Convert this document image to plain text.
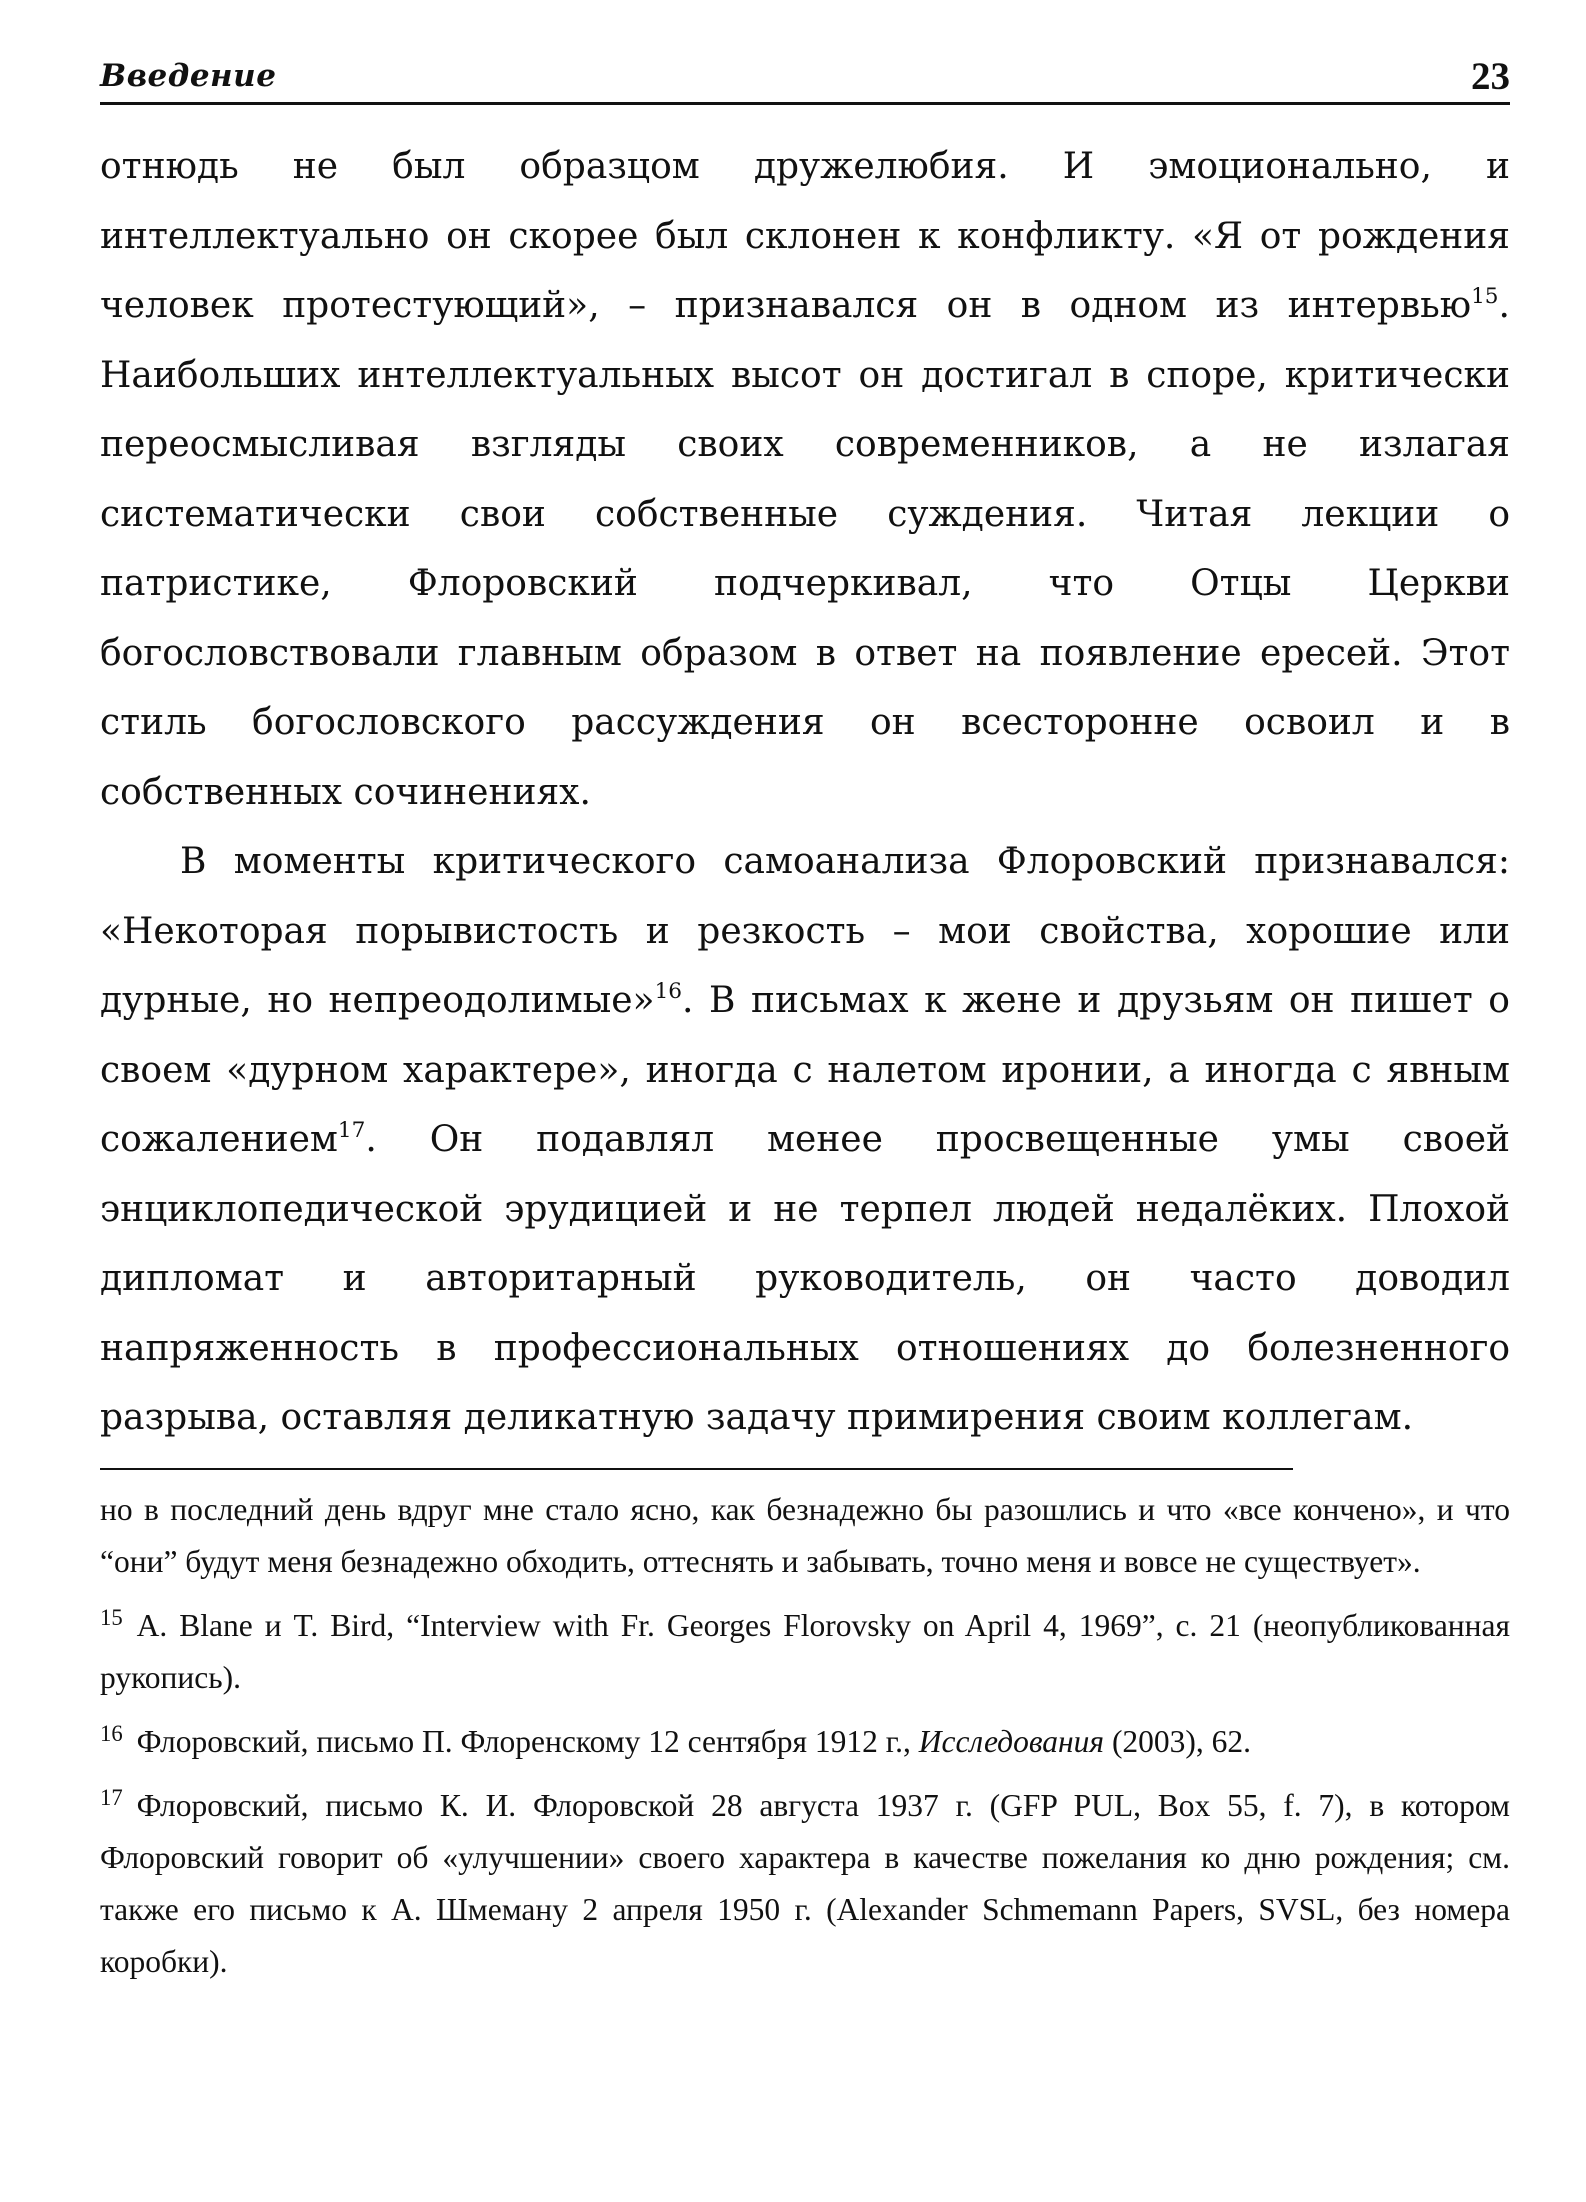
Введение	23

отнюдь не был образцом дружелюбия. И эмоционально, и интеллектуально он скорее был склонен к конфликту. «Я от рождения человек протестующий», – признавался он в одном из интервью$^{15}$. Наибольших интеллектуальных высот он достигал в споре, критически переосмысливая взгляды своих современников, а не излагая систематически свои собственные суждения. Читая лекции о патристике, Флоровский подчеркивал, что Отцы Церкви богословствовали главным образом в ответ на появление ересей. Этот стиль богословского рассуждения он всесторонне освоил и в собственных сочинениях.

В моменты критического самоанализа Флоровский признавался: «Некоторая порывистость и резкость – мои свойства, хорошие или дурные, но непреодолимые»$^{16}$. В письмах к жене и друзьям он пишет о своем «дурном характере», иногда с налетом иронии, а иногда с явным сожалением$^{17}$. Он подавлял менее просвещенные умы своей энциклопедической эрудицией и не терпел людей недалёких. Плохой дипломат и авторитарный руководитель, он часто доводил напряженность в профессиональных отношениях до болезненного разрыва, оставляя деликатную задачу примирения своим коллегам.

но в последний день вдруг мне стало ясно, как безнадежно бы разошлись и что «все кончено», и что “они” будут меня безнадежно обходить, оттеснять и забывать, точно меня и вовсе не существует».

$^{15}$ A. Blane и T. Bird, “Interview with Fr. Georges Florovsky on April 4, 1969”, с. 21 (неопубликованная рукопись).

$^{16}$ Флоровский, письмо П. Флоренскому 12 сентября 1912 г., Исследования (2003), 62.

$^{17}$ Флоровский, письмо К. И. Флоровской 28 августа 1937 г. (GFP PUL, Box 55, f. 7), в котором Флоровский говорит об «улучшении» своего характера в качестве пожелания ко дню рождения; см. также его письмо к А. Шмеману 2 апреля 1950 г. (Alexander Schmemann Papers, SVSL, без номера коробки).
